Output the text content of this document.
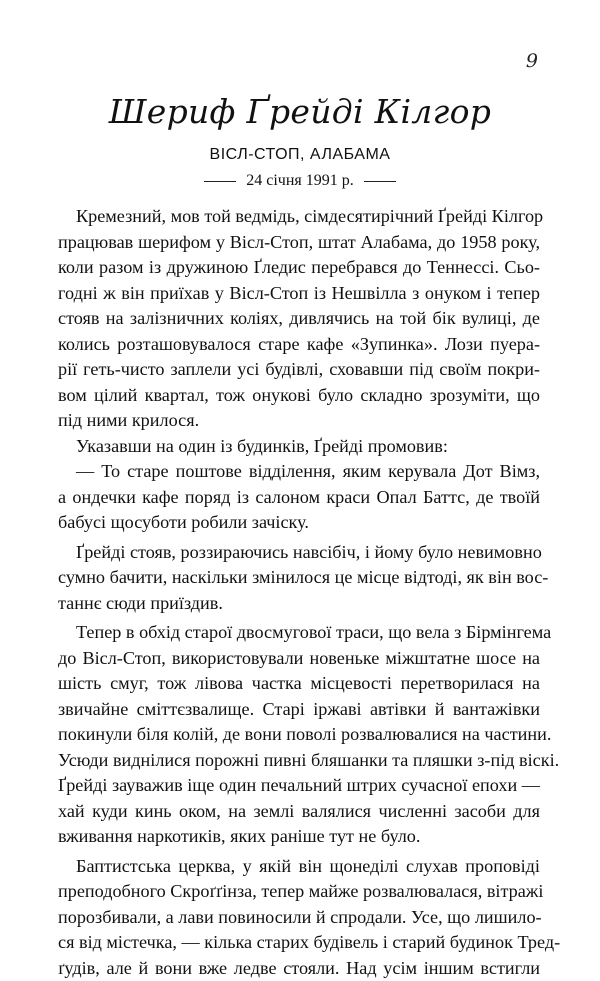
9
Шериф Ґрейді Кілгор
ВІСЛ-СТОП, АЛАБАМА
24 січня 1991 р.
Кремезний, мов той ведмідь, сімдесятирічний Ґрейді Кілгор
працював шерифом у Вісл-Стоп, штат Алабама, до 1958 року,
коли разом із дружиною Ґледис перебрався до Теннессі. Сьо-
годні ж він приїхав у Вісл-Стоп із Нешвілла з онуком і тепер
стояв на залізничних коліях, дивлячись на той бік вулиці, де
колись розташовувалося старе кафе «Зупинка». Лози пуера-
рії геть-чисто заплели усі будівлі, сховавши під своїм покри-
вом цілий квартал, тож онукові було складно зрозуміти, що
під ними крилося.
Указавши на один із будинків, Ґрейді промовив:
— То старе поштове відділення, яким керувала Дот Вімз,
а ондечки кафе поряд із салоном краси Опал Баттс, де твоїй
бабусі щосуботи робили зачіску.
Ґрейді стояв, роззираючись навсібіч, і йому було невимовно
сумно бачити, наскільки змінилося це місце відтоді, як він вос-
таннє сюди приїздив.
Тепер в обхід старої двосмугової траси, що вела з Бірмінгема
до Вісл-Стоп, використовували новеньке міжштатне шосе на
шість смуг, тож лівова частка місцевості перетворилася на
звичайне сміттєзвалище. Старі іржаві автівки й вантажівки
покинули біля колій, де вони поволі розвалювалися на частини.
Усюди виднілися порожні пивні бляшанки та пляшки з-під віскі.
Ґрейді зауважив іще один печальний штрих сучасної епохи —
хай куди кинь оком, на землі валялися численні засоби для
вживання наркотиків, яких раніше тут не було.
Баптистська церква, у якій він щонеділі слухав проповіді
преподобного Скроґґінза, тепер майже розвалювалася, вітражі
порозбивали, а лави повиносили й спродали. Усе, що лишило-
ся від містечка, — кілька старих будівель і старий будинок Тред-
ґудів, але й вони вже ледве стояли. Над усім іншим встигли
